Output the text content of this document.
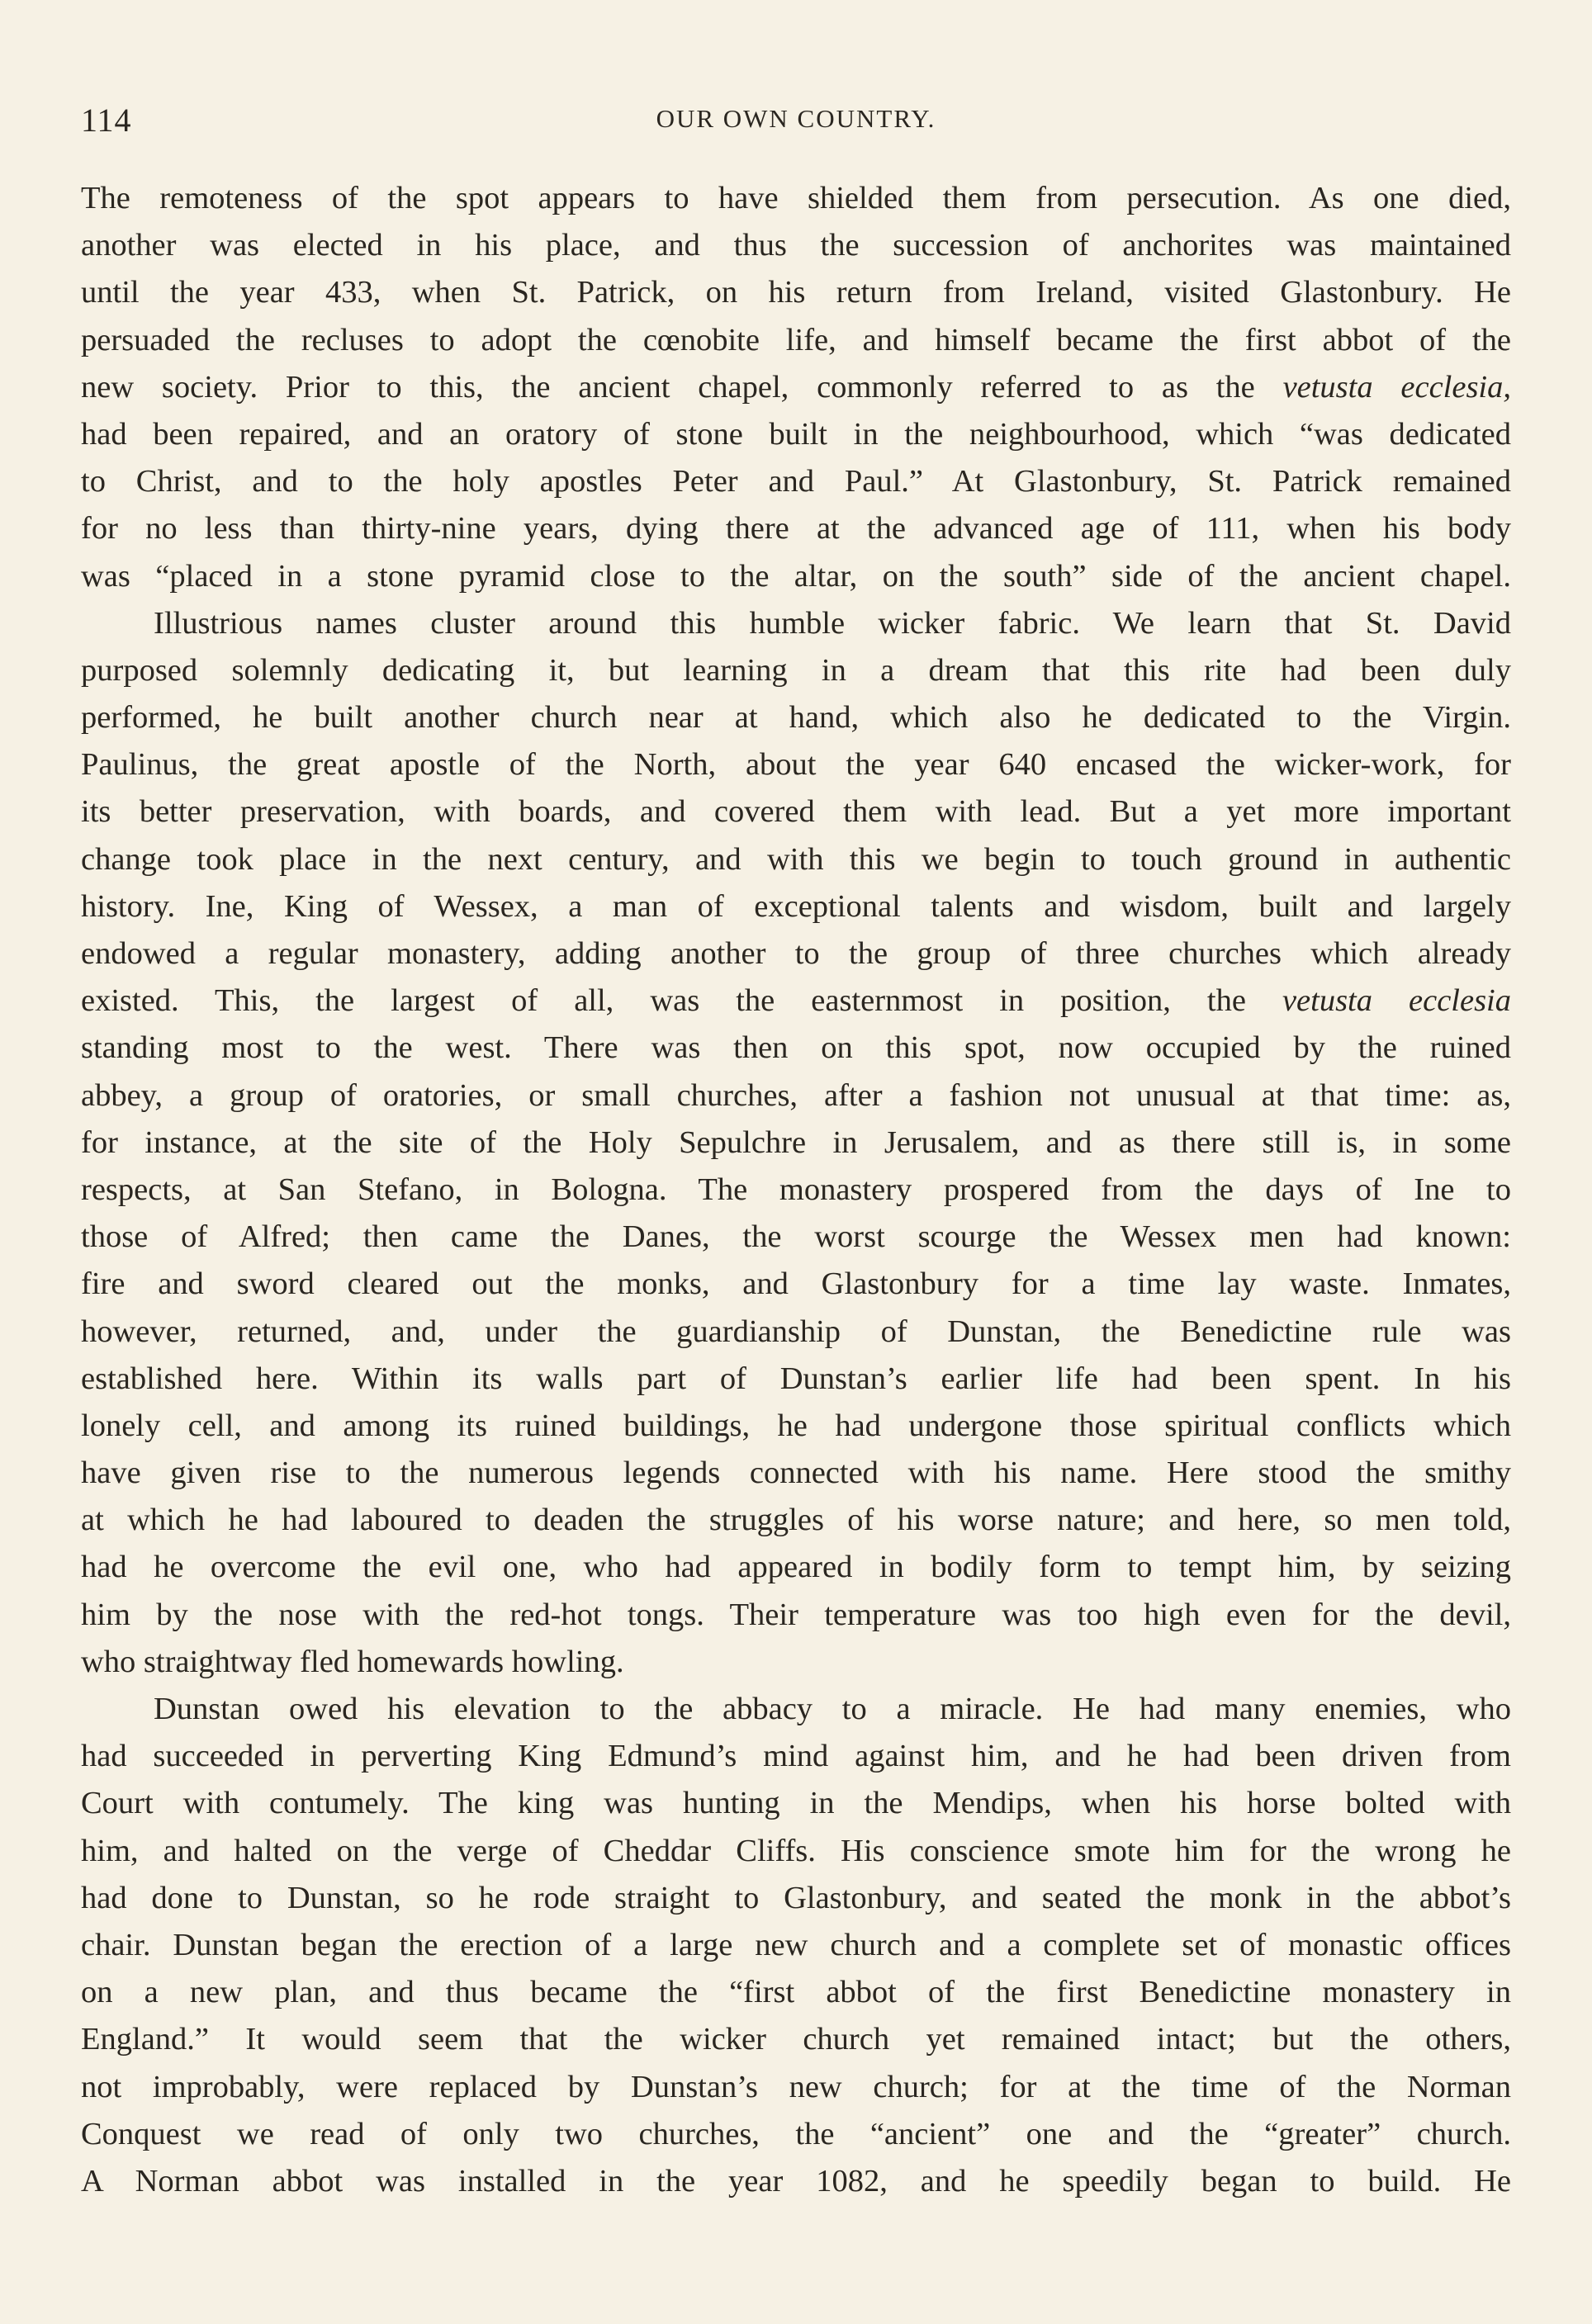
114	OUR OWN COUNTRY.
The remoteness of the spot appears to have shielded them from persecution. As one died,
another was elected in his place, and thus the succession of anchorites was maintained
until the year 433, when St. Patrick, on his return from Ireland, visited Glastonbury. He
persuaded the recluses to adopt the cœnobite life, and himself became the first abbot of the
new society. Prior to this, the ancient chapel, commonly referred to as the vetusta ecclesia,
had been repaired, and an oratory of stone built in the neighbourhood, which “was dedicated
to Christ, and to the holy apostles Peter and Paul.” At Glastonbury, St. Patrick remained
for no less than thirty-nine years, dying there at the advanced age of 111, when his body
was “placed in a stone pyramid close to the altar, on the south” side of the ancient chapel.
Illustrious names cluster around this humble wicker fabric. We learn that St. David
purposed solemnly dedicating it, but learning in a dream that this rite had been duly
performed, he built another church near at hand, which also he dedicated to the Virgin.
Paulinus, the great apostle of the North, about the year 640 encased the wicker-work, for
its better preservation, with boards, and covered them with lead. But a yet more important
change took place in the next century, and with this we begin to touch ground in authentic
history. Ine, King of Wessex, a man of exceptional talents and wisdom, built and largely
endowed a regular monastery, adding another to the group of three churches which already
existed. This, the largest of all, was the easternmost in position, the vetusta ecclesia
standing most to the west. There was then on this spot, now occupied by the ruined
abbey, a group of oratories, or small churches, after a fashion not unusual at that time: as,
for instance, at the site of the Holy Sepulchre in Jerusalem, and as there still is, in some
respects, at San Stefano, in Bologna. The monastery prospered from the days of Ine to
those of Alfred; then came the Danes, the worst scourge the Wessex men had known:
fire and sword cleared out the monks, and Glastonbury for a time lay waste. Inmates,
however, returned, and, under the guardianship of Dunstan, the Benedictine rule was
established here. Within its walls part of Dunstan’s earlier life had been spent. In his
lonely cell, and among its ruined buildings, he had undergone those spiritual conflicts which
have given rise to the numerous legends connected with his name. Here stood the smithy
at which he had laboured to deaden the struggles of his worse nature; and here, so men told,
had he overcome the evil one, who had appeared in bodily form to tempt him, by seizing
him by the nose with the red-hot tongs. Their temperature was too high even for the devil,
who straightway fled homewards howling.
Dunstan owed his elevation to the abbacy to a miracle. He had many enemies, who
had succeeded in perverting King Edmund’s mind against him, and he had been driven from
Court with contumely. The king was hunting in the Mendips, when his horse bolted with
him, and halted on the verge of Cheddar Cliffs. His conscience smote him for the wrong he
had done to Dunstan, so he rode straight to Glastonbury, and seated the monk in the abbot’s
chair. Dunstan began the erection of a large new church and a complete set of monastic offices
on a new plan, and thus became the “first abbot of the first Benedictine monastery in
England.” It would seem that the wicker church yet remained intact; but the others,
not improbably, were replaced by Dunstan’s new church; for at the time of the Norman
Conquest we read of only two churches, the “ancient” one and the “greater” church.
A Norman abbot was installed in the year 1082, and he speedily began to build. He
